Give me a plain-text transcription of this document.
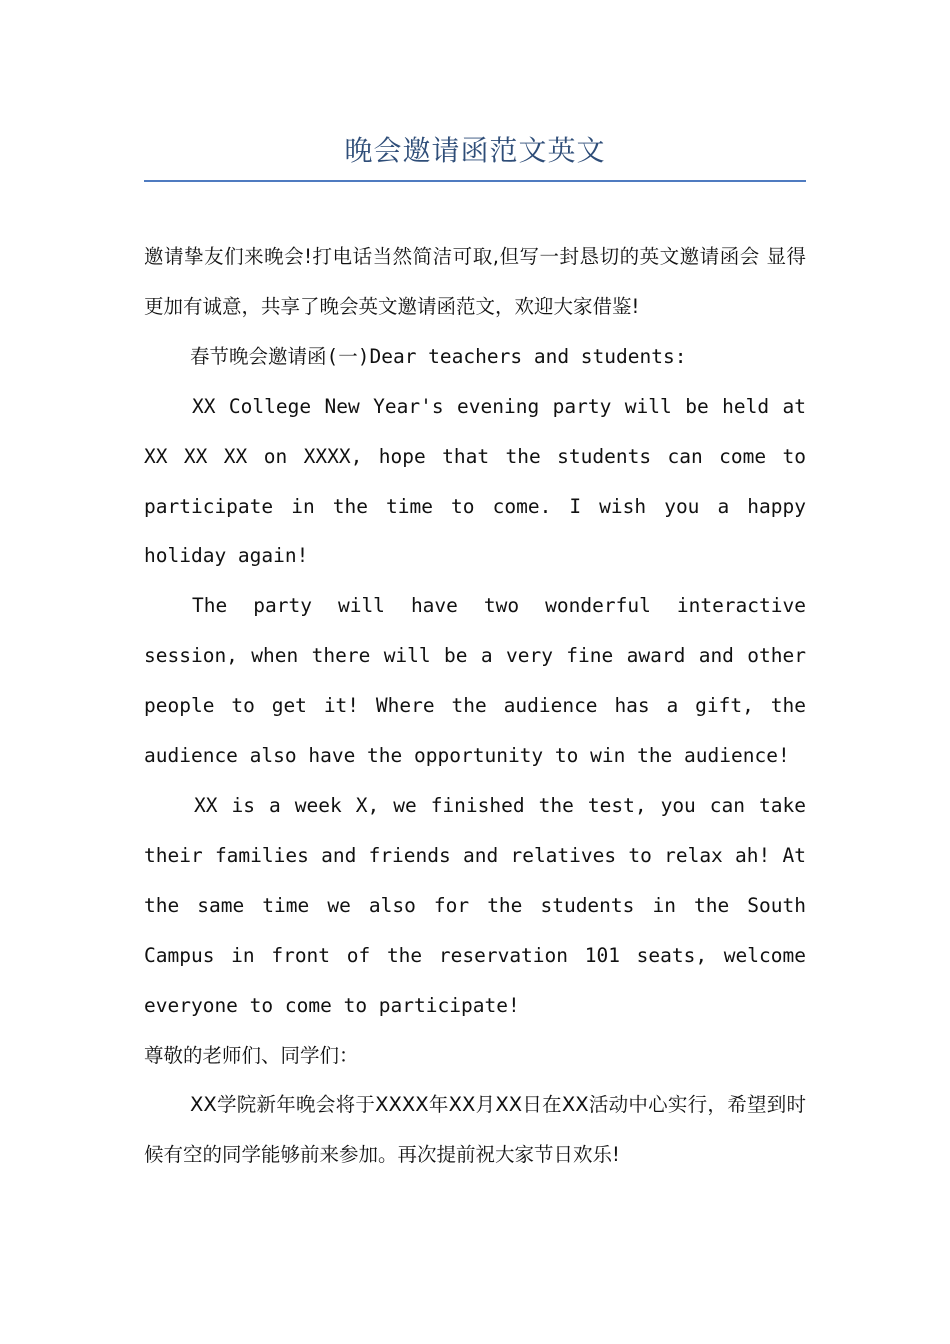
晚会邀请函范文英文

邀请挚友们来晚会!打电话当然简洁可取,但写一封恳切的英文邀请函会 显得更加有诚意，共享了晚会英文邀请函范文，欢迎大家借鉴!

春节晚会邀请函(一)Dear teachers and students:

XX College New Year's evening party will be held at XX XX XX on XXXX, hope that the students can come to participate in the time to come. I wish you a happy holiday again!

The party will have two wonderful interactive session, when there will be a very fine award and other people to get it! Where the audience has a gift, the audience also have the opportunity to win the audience!

XX is a week X, we finished the test, you can take their families and friends and relatives to relax ah! At the same time we also for the students in the South Campus in front of the reservation 101 seats, welcome everyone to come to participate!

尊敬的老师们、同学们：

XX学院新年晚会将于XXXX年XX月XX日在XX活动中心实行，希望到时候有空的同学能够前来参加。再次提前祝大家节日欢乐!
